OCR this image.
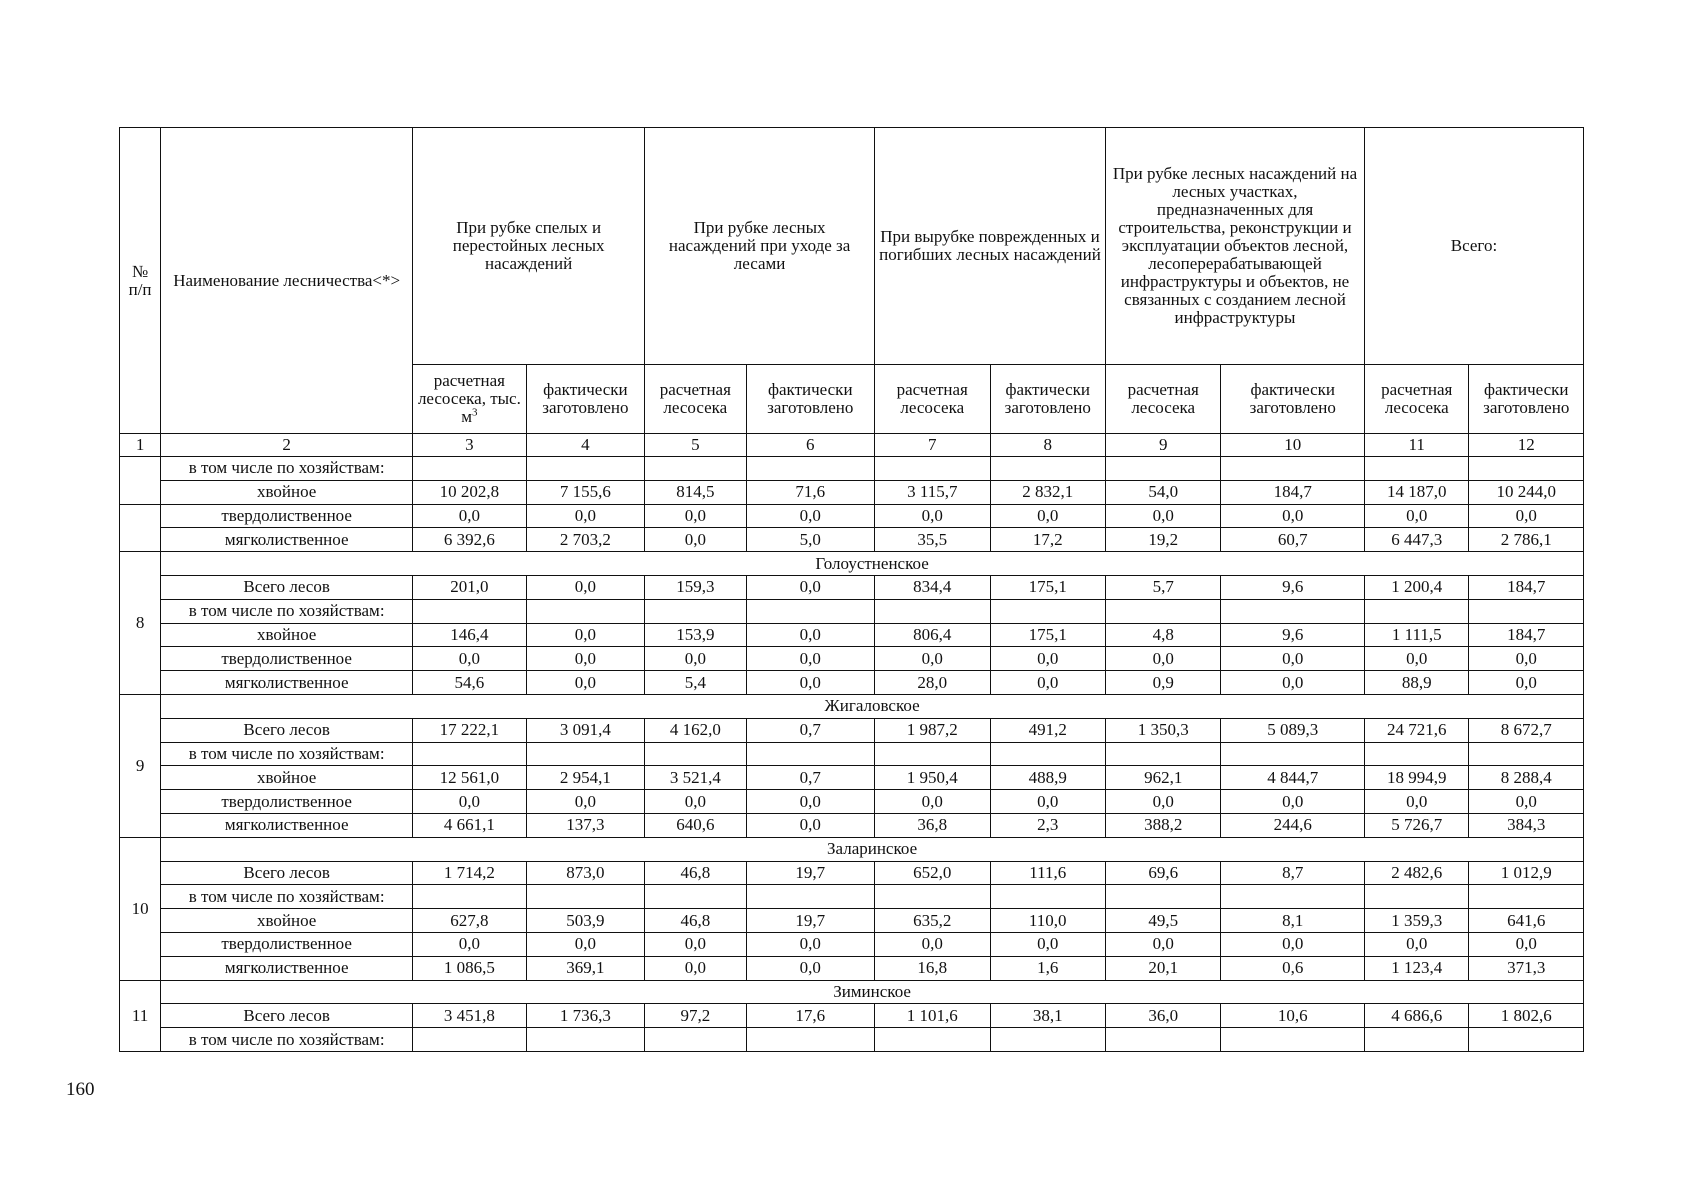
№ п/п	Наименование лесничества<*>	При рубке спелых и перестойных лесных насаждений		При рубке лесных насаждений при уходе за лесами		При вырубке поврежденных и погибших лесных насаждений		При рубке лесных насаждений на лесных участках, предназначенных для строительства, реконструкции и эксплуатации объектов лесной, лесоперерабатывающей инфраструктуры и объектов, не связанных с созданием лесной инфраструктуры		Всего:	
		расчетная лесосека, тыс. $м^3$	фактически заготовлено	расчетная лесосека	фактически заготовлено	расчетная лесосека	фактически заготовлено	расчетная лесосека	фактически заготовлено	расчетная лесосека	фактически заготовлено
1	2	3	4	5	6	7	8	9	10	11	12
	в том числе по хозяйствам:										
	хвойное	10 202,8	7 155,6	814,5	71,6	3 115,7	2 832,1	54,0	184,7	14 187,0	10 244,0
	твердолиственное	0,0	0,0	0,0	0,0	0,0	0,0	0,0	0,0	0,0	0,0
	мягколиственное	6 392,6	2 703,2	0,0	5,0	35,5	17,2	19,2	60,7	6 447,3	2 786,1
8	Голоустненское										
	Всего лесов	201,0	0,0	159,3	0,0	834,4	175,1	5,7	9,6	1 200,4	184,7
	в том числе по хозяйствам:										
	хвойное	146,4	0,0	153,9	0,0	806,4	175,1	4,8	9,6	1 111,5	184,7
	твердолиственное	0,0	0,0	0,0	0,0	0,0	0,0	0,0	0,0	0,0	0,0
	мягколиственное	54,6	0,0	5,4	0,0	28,0	0,0	0,9	0,0	88,9	0,0
9	Жигаловское										
	Всего лесов	17 222,1	3 091,4	4 162,0	0,7	1 987,2	491,2	1 350,3	5 089,3	24 721,6	8 672,7
	в том числе по хозяйствам:										
	хвойное	12 561,0	2 954,1	3 521,4	0,7	1 950,4	488,9	962,1	4 844,7	18 994,9	8 288,4
	твердолиственное	0,0	0,0	0,0	0,0	0,0	0,0	0,0	0,0	0,0	0,0
	мягколиственное	4 661,1	137,3	640,6	0,0	36,8	2,3	388,2	244,6	5 726,7	384,3
10	Заларинское										
	Всего лесов	1 714,2	873,0	46,8	19,7	652,0	111,6	69,6	8,7	2 482,6	1 012,9
	в том числе по хозяйствам:										
	хвойное	627,8	503,9	46,8	19,7	635,2	110,0	49,5	8,1	1 359,3	641,6
	твердолиственное	0,0	0,0	0,0	0,0	0,0	0,0	0,0	0,0	0,0	0,0
	мягколиственное	1 086,5	369,1	0,0	0,0	16,8	1,6	20,1	0,6	1 123,4	371,3
11	Зиминское										
	Всего лесов	3 451,8	1 736,3	97,2	17,6	1 101,6	38,1	36,0	10,6	4 686,6	1 802,6
	в том числе по хозяйствам:										
160
